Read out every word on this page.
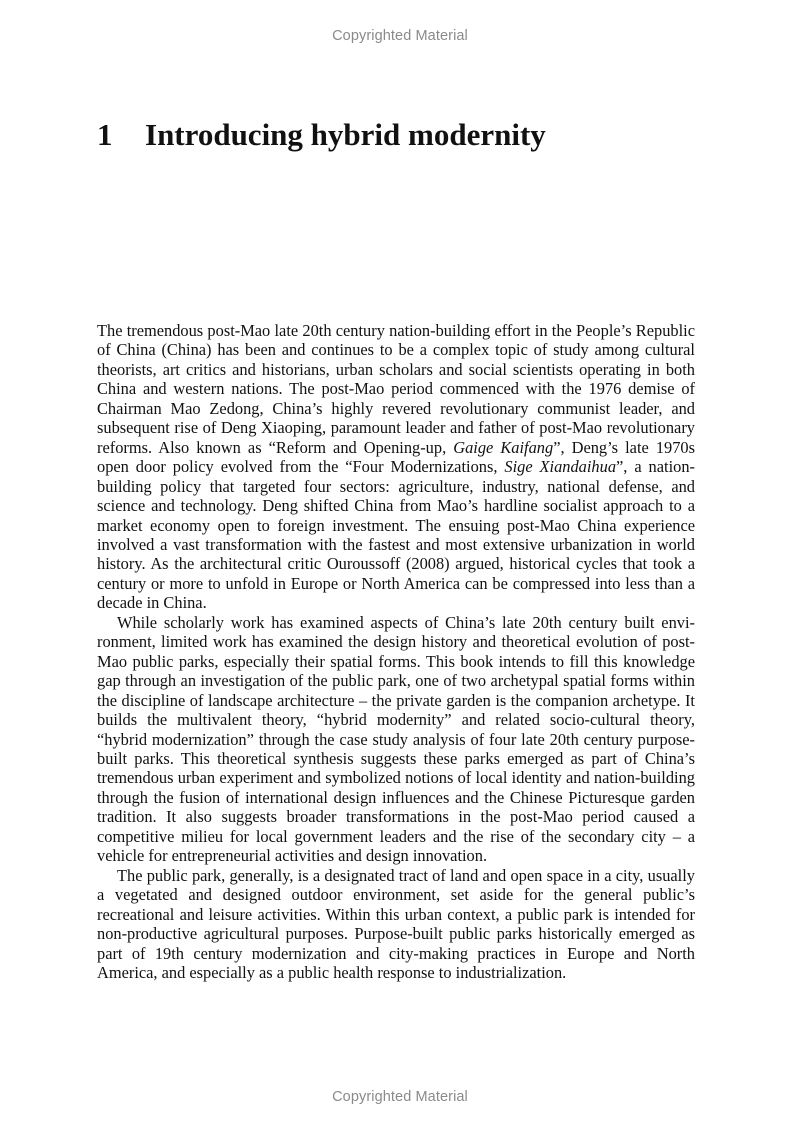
Copyrighted Material
1 Introducing hybrid modernity

The tremendous post-Mao late 20th century nation-building effort in the People’s Republic of China (China) has been and continues to be a complex topic of study among cultural theorists, art critics and historians, urban scholars and social scientists operating in both China and western nations. The post-Mao period commenced with the 1976 demise of Chairman Mao Zedong, China’s highly revered revolutionary communist leader, and subsequent rise of Deng Xiaoping, paramount leader and father of post-Mao revolutionary reforms. Also known as “Reform and Opening-up, Gaige Kaifang”, Deng’s late 1970s open door policy evolved from the “Four Modernizations, Sige Xiandaihua”, a nation-building policy that targeted four sectors: agriculture, industry, national defense, and science and technology. Deng shifted China from Mao’s hardline socialist approach to a market economy open to foreign investment. The ensuing post-Mao China experience involved a vast transformation with the fastest and most extensive urbanization in world history. As the architectural critic Ouroussoff (2008) argued, historical cycles that took a century or more to unfold in Europe or North America can be compressed into less than a decade in China.

While scholarly work has examined aspects of China’s late 20th century built environment, limited work has examined the design history and theoretical evolution of post-Mao public parks, especially their spatial forms. This book intends to fill this knowledge gap through an investigation of the public park, one of two archetypal spatial forms within the discipline of landscape architecture – the private garden is the companion archetype. It builds the multivalent theory, “hybrid modernity” and related socio-cultural theory, “hybrid modernization” through the case study analysis of four late 20th century purpose-built parks. This theoretical synthesis suggests these parks emerged as part of China’s tremendous urban experiment and symbolized notions of local identity and nation-building through the fusion of international design influences and the Chinese Picturesque garden tradition. It also suggests broader transformations in the post-Mao period caused a competitive milieu for local government leaders and the rise of the secondary city – a vehicle for entrepreneurial activities and design innovation.

The public park, generally, is a designated tract of land and open space in a city, usually a vegetated and designed outdoor environment, set aside for the general public’s recreational and leisure activities. Within this urban context, a public park is intended for non-productive agricultural purposes. Purpose-built public parks historically emerged as part of 19th century modernization and city-making practices in Europe and North America, and especially as a public health response to industrialization.

Copyrighted Material
